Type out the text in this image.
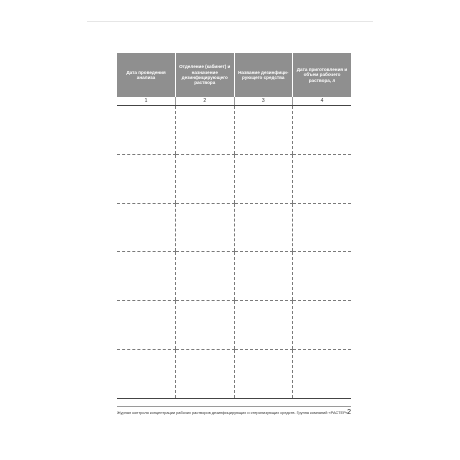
Дата проведения анализа	Отделение (кабинет) и назначение дезинфицирующего раствора	Название дезинфици-рующего средства	Дата приготовления и объем рабочего раствора, л
1	2	3	4

Журнал контроля концентрации рабочих растворов дезинфицирующих и стерилизующих средств. Группа компаний «РАСТЕР» 2
